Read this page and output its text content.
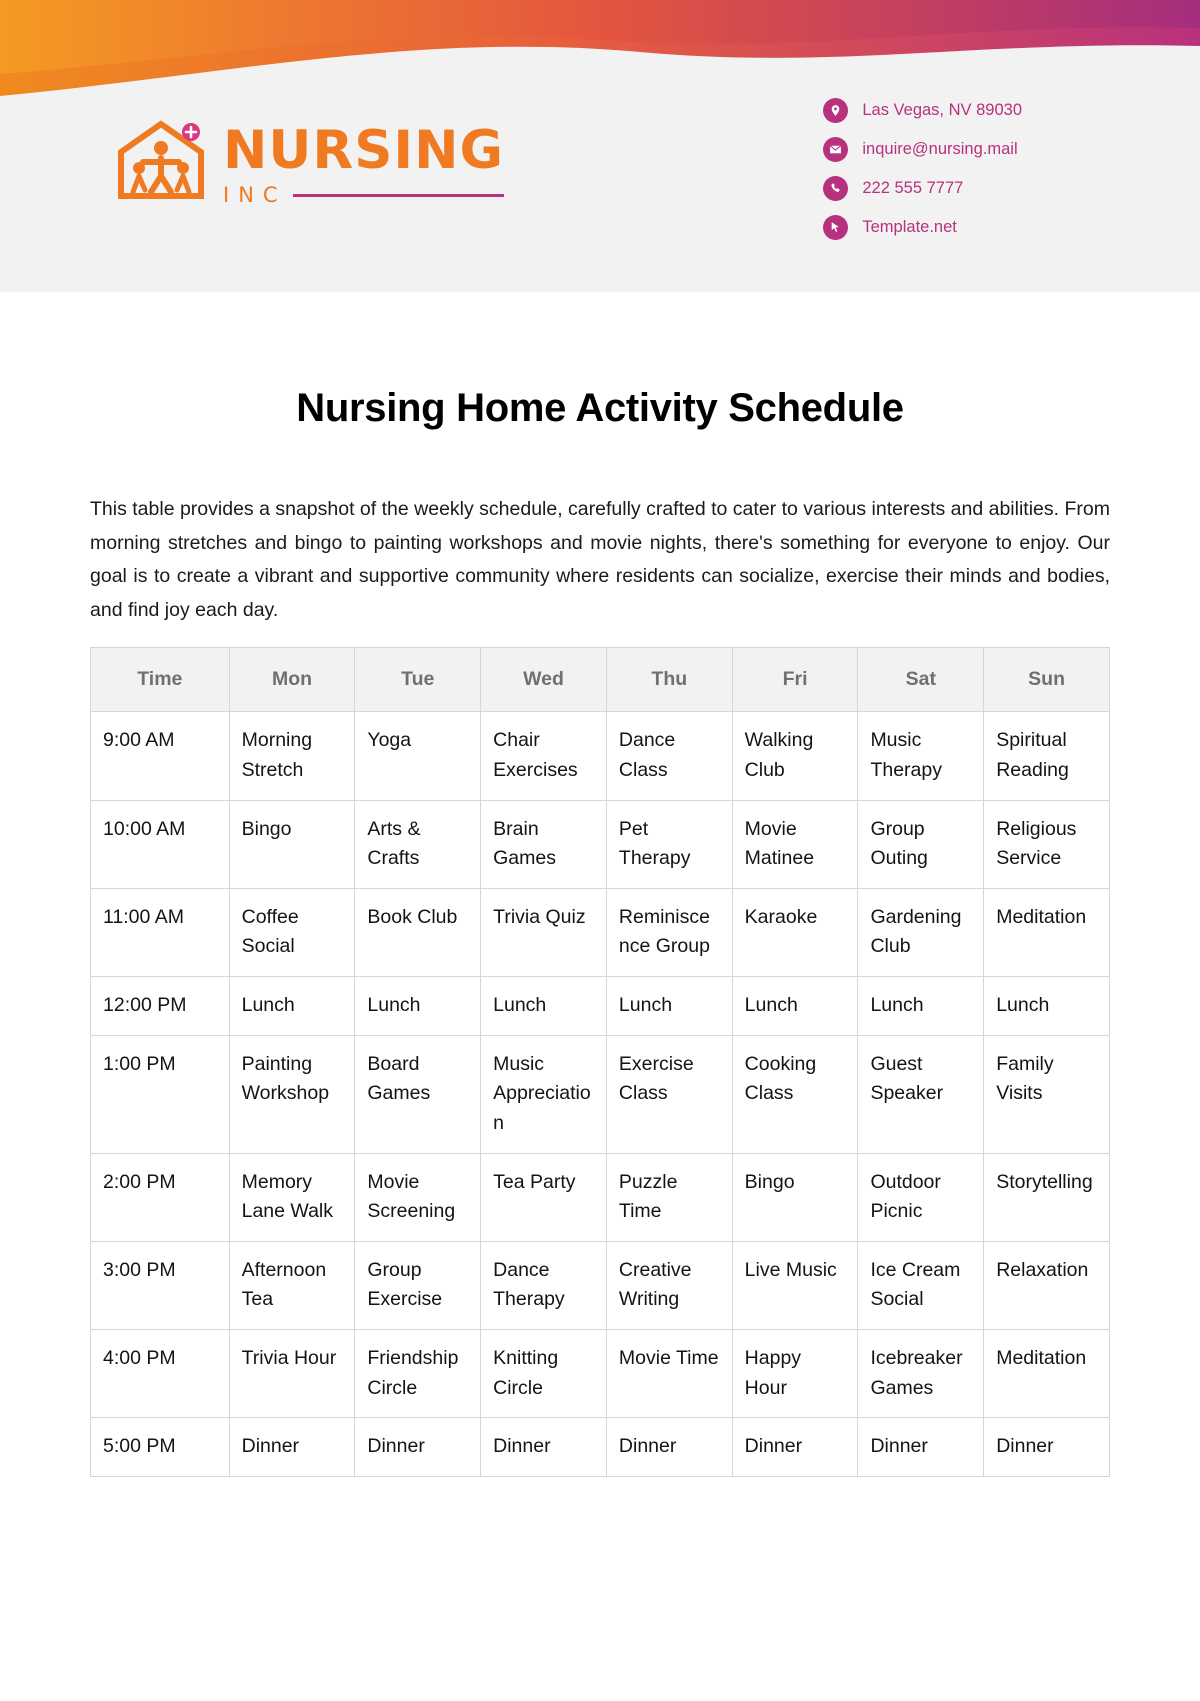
NURSING
INC
Las Vegas, NV 89030
inquire@nursing.mail
222 555 7777
Template.net
Nursing Home Activity Schedule

This table provides a snapshot of the weekly schedule, carefully crafted to cater to various interests and abilities. From morning stretches and bingo to painting workshops and movie nights, there's something for everyone to enjoy. Our goal is to create a vibrant and supportive community where residents can socialize, exercise their minds and bodies, and find joy each day.

Time	Mon	Tue	Wed	Thu	Fri	Sat	Sun
9:00 AM	Morning Stretch	Yoga	Chair Exercises	Dance Class	Walking Club	Music Therapy	Spiritual Reading
10:00 AM	Bingo	Arts & Crafts	Brain Games	Pet Therapy	Movie Matinee	Group Outing	Religious Service
11:00 AM	Coffee Social	Book Club	Trivia Quiz	Reminiscence Group	Karaoke	Gardening Club	Meditation
12:00 PM	Lunch	Lunch	Lunch	Lunch	Lunch	Lunch	Lunch
1:00 PM	Painting Workshop	Board Games	Music Appreciation	Exercise Class	Cooking Class	Guest Speaker	Family Visits
2:00 PM	Memory Lane Walk	Movie Screening	Tea Party	Puzzle Time	Bingo	Outdoor Picnic	Storytelling
3:00 PM	Afternoon Tea	Group Exercise	Dance Therapy	Creative Writing	Live Music	Ice Cream Social	Relaxation
4:00 PM	Trivia Hour	Friendship Circle	Knitting Circle	Movie Time	Happy Hour	Icebreaker Games	Meditation
5:00 PM	Dinner	Dinner	Dinner	Dinner	Dinner	Dinner	Dinner
